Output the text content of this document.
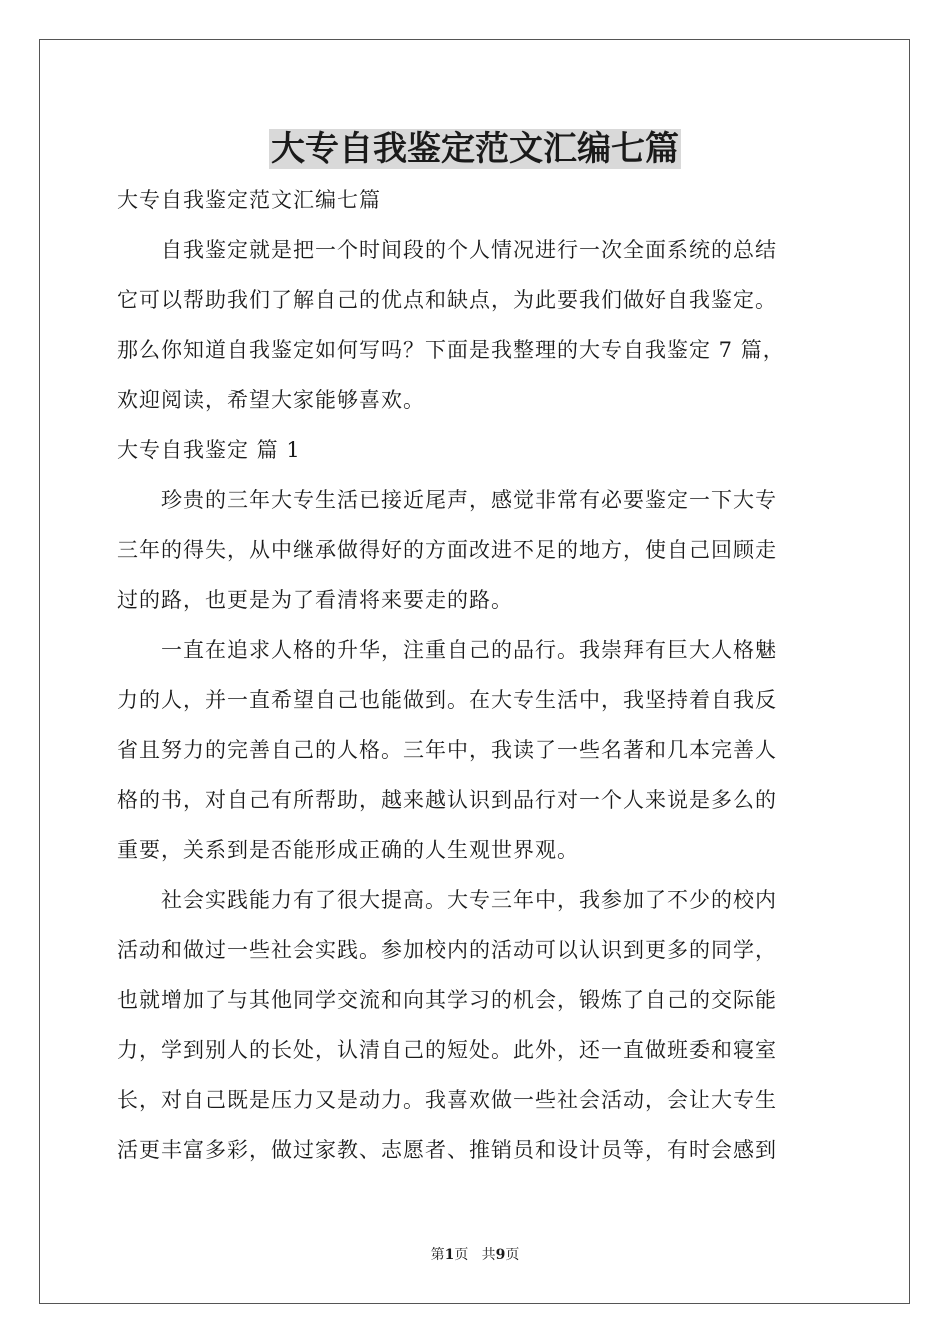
大专自我鉴定范文汇编七篇
大专自我鉴定范文汇编七篇
自我鉴定就是把一个时间段的个人情况进行一次全面系统的总结
它可以帮助我们了解自己的优点和缺点，为此要我们做好自我鉴定。
那么你知道自我鉴定如何写吗？下面是我整理的大专自我鉴定 7 篇，
欢迎阅读，希望大家能够喜欢。
大专自我鉴定 篇 1
珍贵的三年大专生活已接近尾声，感觉非常有必要鉴定一下大专
三年的得失，从中继承做得好的方面改进不足的地方，使自己回顾走
过的路，也更是为了看清将来要走的路。
一直在追求人格的升华，注重自己的品行。我崇拜有巨大人格魅
力的人，并一直希望自己也能做到。在大专生活中，我坚持着自我反
省且努力的完善自己的人格。三年中，我读了一些名著和几本完善人
格的书，对自己有所帮助，越来越认识到品行对一个人来说是多么的
重要，关系到是否能形成正确的人生观世界观。
社会实践能力有了很大提高。大专三年中，我参加了不少的校内
活动和做过一些社会实践。参加校内的活动可以认识到更多的同学，
也就增加了与其他同学交流和向其学习的机会，锻炼了自己的交际能
力，学到别人的长处，认清自己的短处。此外，还一直做班委和寝室
长，对自己既是压力又是动力。我喜欢做一些社会活动，会让大专生
活更丰富多彩，做过家教、志愿者、推销员和设计员等，有时会感到
第1页 共9页
